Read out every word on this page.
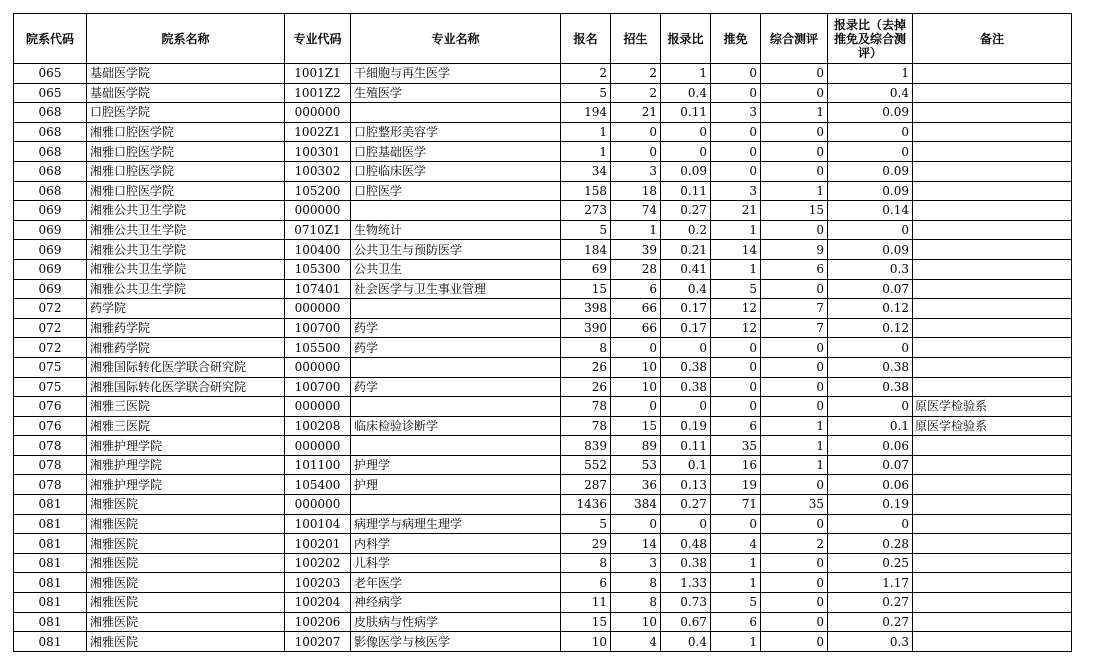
院系代码	院系名称	专业代码	专业名称	报名	招生	报录比	推免	综合测评	报录比（去掉推免及综合测评）	备注
065	基础医学院	1001Z1	干细胞与再生医学	2	2	1	0	0	1	
065	基础医学院	1001Z2	生殖医学	5	2	0.4	0	0	0.4	
068	口腔医学院	000000		194	21	0.11	3	1	0.09	
068	湘雅口腔医学院	1002Z1	口腔整形美容学	1	0	0	0	0	0	
068	湘雅口腔医学院	100301	口腔基础医学	1	0	0	0	0	0	
068	湘雅口腔医学院	100302	口腔临床医学	34	3	0.09	0	0	0.09	
068	湘雅口腔医学院	105200	口腔医学	158	18	0.11	3	1	0.09	
069	湘雅公共卫生学院	000000		273	74	0.27	21	15	0.14	
069	湘雅公共卫生学院	0710Z1	生物统计	5	1	0.2	1	0	0	
069	湘雅公共卫生学院	100400	公共卫生与预防医学	184	39	0.21	14	9	0.09	
069	湘雅公共卫生学院	105300	公共卫生	69	28	0.41	1	6	0.3	
069	湘雅公共卫生学院	107401	社会医学与卫生事业管理	15	6	0.4	5	0	0.07	
072	药学院	000000		398	66	0.17	12	7	0.12	
072	湘雅药学院	100700	药学	390	66	0.17	12	7	0.12	
072	湘雅药学院	105500	药学	8	0	0	0	0	0	
075	湘雅国际转化医学联合研究院	000000		26	10	0.38	0	0	0.38	
075	湘雅国际转化医学联合研究院	100700	药学	26	10	0.38	0	0	0.38	
076	湘雅三医院	000000		78	0	0	0	0	0	原医学检验系
076	湘雅三医院	100208	临床检验诊断学	78	15	0.19	6	1	0.1	原医学检验系
078	湘雅护理学院	000000		839	89	0.11	35	1	0.06	
078	湘雅护理学院	101100	护理学	552	53	0.1	16	1	0.07	
078	湘雅护理学院	105400	护理	287	36	0.13	19	0	0.06	
081	湘雅医院	000000		1436	384	0.27	71	35	0.19	
081	湘雅医院	100104	病理学与病理生理学	5	0	0	0	0	0	
081	湘雅医院	100201	内科学	29	14	0.48	4	2	0.28	
081	湘雅医院	100202	儿科学	8	3	0.38	1	0	0.25	
081	湘雅医院	100203	老年医学	6	8	1.33	1	0	1.17	
081	湘雅医院	100204	神经病学	11	8	0.73	5	0	0.27	
081	湘雅医院	100206	皮肤病与性病学	15	10	0.67	6	0	0.27	
081	湘雅医院	100207	影像医学与核医学	10	4	0.4	1	0	0.3	
